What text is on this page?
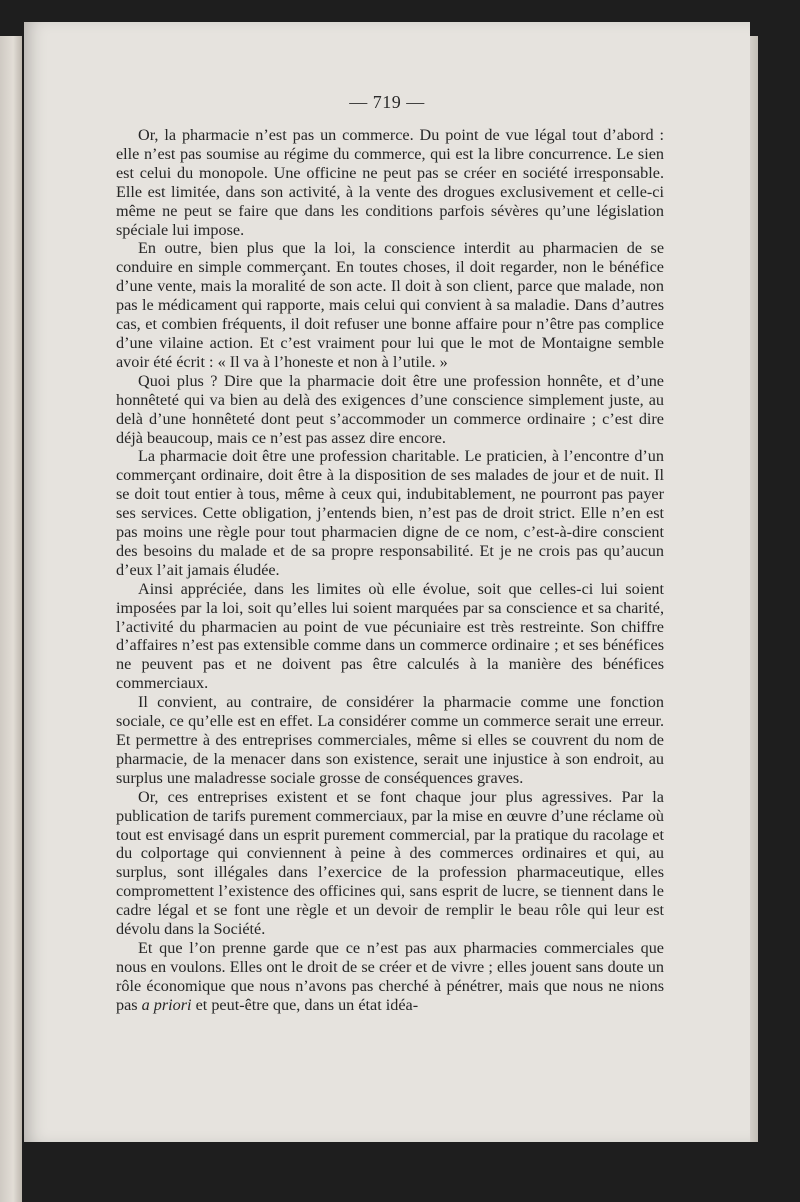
— 719 —

Or, la pharmacie n’est pas un commerce. Du point de vue légal tout d’abord : elle n’est pas soumise au régime du commerce, qui est la libre concurrence. Le sien est celui du monopole. Une officine ne peut pas se créer en société irresponsable. Elle est limitée, dans son activité, à la vente des drogues exclusivement et celle-ci même ne peut se faire que dans les conditions parfois sévères qu’une législation spéciale lui impose.

En outre, bien plus que la loi, la conscience interdit au pharmacien de se conduire en simple commerçant. En toutes choses, il doit regarder, non le bénéfice d’une vente, mais la moralité de son acte. Il doit à son client, parce que malade, non pas le médicament qui rapporte, mais celui qui convient à sa maladie. Dans d’autres cas, et combien fréquents, il doit refuser une bonne affaire pour n’être pas complice d’une vilaine action. Et c’est vraiment pour lui que le mot de Montaigne semble avoir été écrit : « Il va à l’honeste et non à l’utile. »

Quoi plus ? Dire que la pharmacie doit être une profession honnête, et d’une honnêteté qui va bien au delà des exigences d’une conscience simplement juste, au delà d’une honnêteté dont peut s’accommoder un commerce ordinaire ; c’est dire déjà beaucoup, mais ce n’est pas assez dire encore.

La pharmacie doit être une profession charitable. Le praticien, à l’encontre d’un commerçant ordinaire, doit être à la disposition de ses malades de jour et de nuit. Il se doit tout entier à tous, même à ceux qui, indubitablement, ne pourront pas payer ses services. Cette obligation, j’entends bien, n’est pas de droit strict. Elle n’en est pas moins une règle pour tout pharmacien digne de ce nom, c’est-à-dire conscient des besoins du malade et de sa propre responsabilité. Et je ne crois pas qu’aucun d’eux l’ait jamais éludée.

Ainsi appréciée, dans les limites où elle évolue, soit que celles-ci lui soient imposées par la loi, soit qu’elles lui soient marquées par sa conscience et sa charité, l’activité du pharmacien au point de vue pécuniaire est très restreinte. Son chiffre d’affaires n’est pas extensible comme dans un commerce ordinaire ; et ses bénéfices ne peuvent pas et ne doivent pas être calculés à la manière des bénéfices commerciaux.

Il convient, au contraire, de considérer la pharmacie comme une fonction sociale, ce qu’elle est en effet. La considérer comme un commerce serait une erreur. Et permettre à des entreprises commerciales, même si elles se couvrent du nom de pharmacie, de la menacer dans son existence, serait une injustice à son endroit, au surplus une maladresse sociale grosse de conséquences graves.

Or, ces entreprises existent et se font chaque jour plus agressives. Par la publication de tarifs purement commerciaux, par la mise en œuvre d’une réclame où tout est envisagé dans un esprit purement commercial, par la pratique du racolage et du colportage qui conviennent à peine à des commerces ordinaires et qui, au surplus, sont illégales dans l’exercice de la profession pharmaceutique, elles compromettent l’existence des officines qui, sans esprit de lucre, se tiennent dans le cadre légal et se font une règle et un devoir de remplir le beau rôle qui leur est dévolu dans la Société.

Et que l’on prenne garde que ce n’est pas aux pharmacies commerciales que nous en voulons. Elles ont le droit de se créer et de vivre ; elles jouent sans doute un rôle économique que nous n’avons pas cherché à pénétrer, mais que nous ne nions pas a priori et peut-être que, dans un état idéa-
